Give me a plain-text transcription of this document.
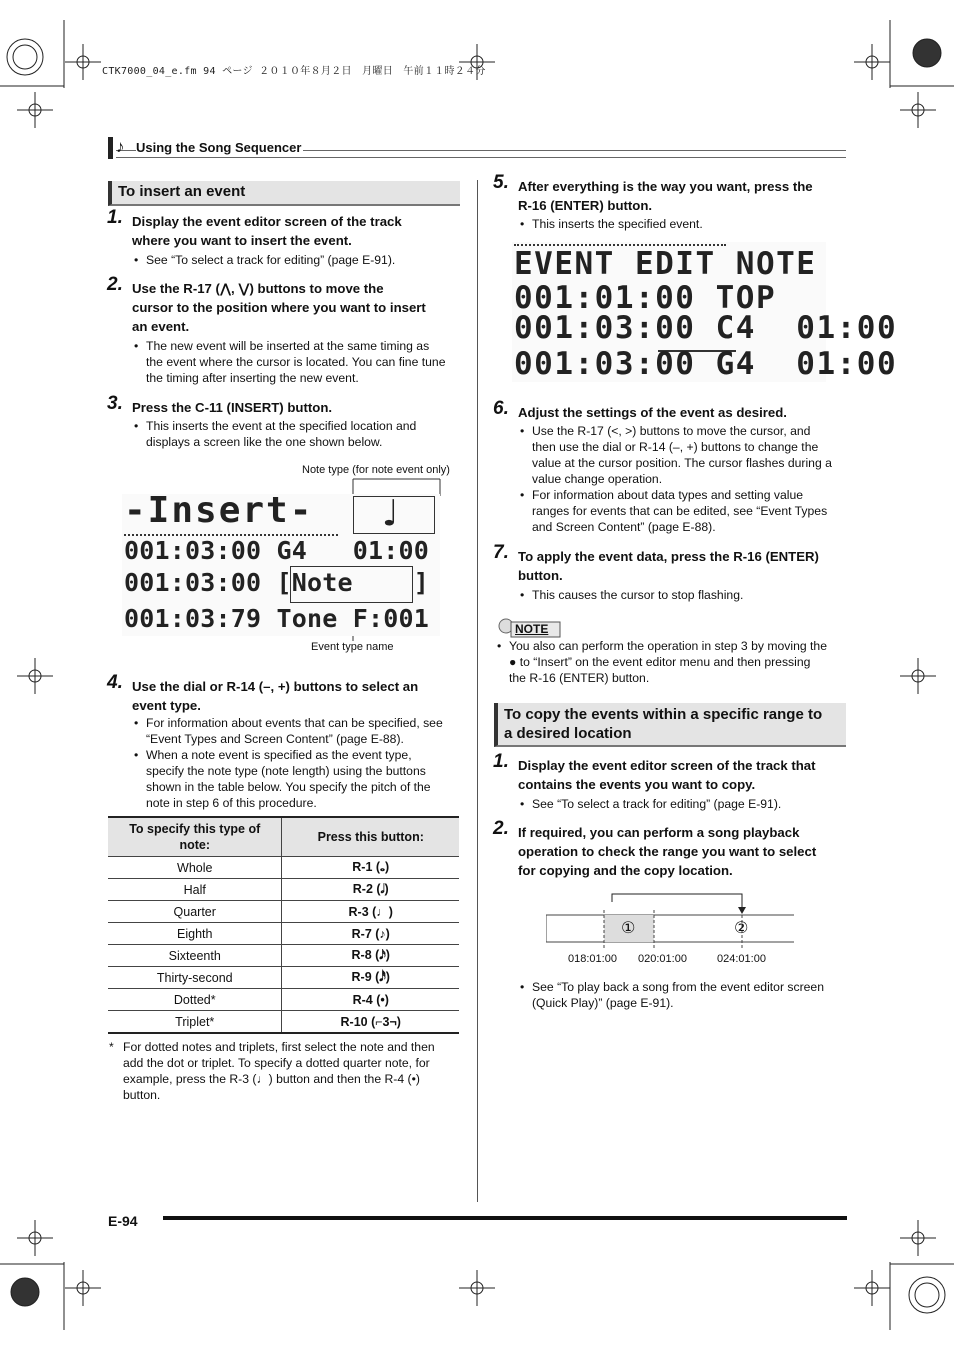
CTK7000_04_e.fm 94 ページ ２０１０年８月２日　月曜日　午前１１時２４分
♪ Using the Song Sequencer
To insert an event
1. Display the event editor screen of the track
where you want to insert the event.
• See “To select a track for editing” (page E-91).
2. Use the R-17 (⋀, ⋁) buttons to move the
cursor to the position where you want to insert
an event.
• The new event will be inserted at the same timing as
the event where the cursor is located. You can fine tune
the timing after inserting the new event.
3. Press the C-11 (INSERT) button.
• This inserts the event at the specified location and
displays a screen like the one shown below.
Note type (for note event only)
-Insert- ♩
001:03:00 G4   01:00
001:03:00 [Note    ]
001:03:79 Tone F:001
Event type name
4. Use the dial or R-14 (–, +) buttons to select an
event type.
• For information about events that can be specified, see
“Event Types and Screen Content” (page E-88).
• When a note event is specified as the event type,
specify the note type (note length) using the buttons
shown in the table below. You specify the pitch of the
note in step 6 of this procedure.
To specify this type of
note:	Press this button:
Whole	R-1 (𝅝)
Half	R-2 (𝅗𝅥)
Quarter	R-3 (♩)
Eighth	R-7 (♪)
Sixteenth	R-8 (𝅘𝅥𝅯)
Thirty-second	R-9 (𝅘𝅥𝅰)
Dotted*	R-4 (•)
Triplet*	R-10 (⌐3¬)
* For dotted notes and triplets, first select the note and then
add the dot or triplet. To specify a dotted quarter note, for
example, press the R-3 (♩) button and then the R-4 (•)
button.
5. After everything is the way you want, press the
R-16 (ENTER) button.
• This inserts the specified event.
EVENT EDIT NOTE
001:01:00 TOP
001:03:00 C4  01:00
001:03:00 G4  01:00
6. Adjust the settings of the event as desired.
• Use the R-17 (<, >) buttons to move the cursor, and
then use the dial or R-14 (–, +) buttons to change the
value at the cursor position. The cursor flashes during a
value change operation.
• For information about data types and setting value
ranges for events that can be edited, see “Event Types
and Screen Content” (page E-88).
7. To apply the event data, press the R-16 (ENTER)
button.
• This causes the cursor to stop flashing.
NOTE
• You also can perform the operation in step 3 by moving the
● to “Insert” on the event editor menu and then pressing
the R-16 (ENTER) button.
To copy the events within a specific range to
a desired location
1. Display the event editor screen of the track that
contains the events you want to copy.
• See “To select a track for editing” (page E-91).
2. If required, you can perform a song playback
operation to check the range you want to select
for copying and the copy location.
①	②
018:01:00 020:01:00	024:01:00
• See “To play back a song from the event editor screen
(Quick Play)” (page E-91).
E-94
